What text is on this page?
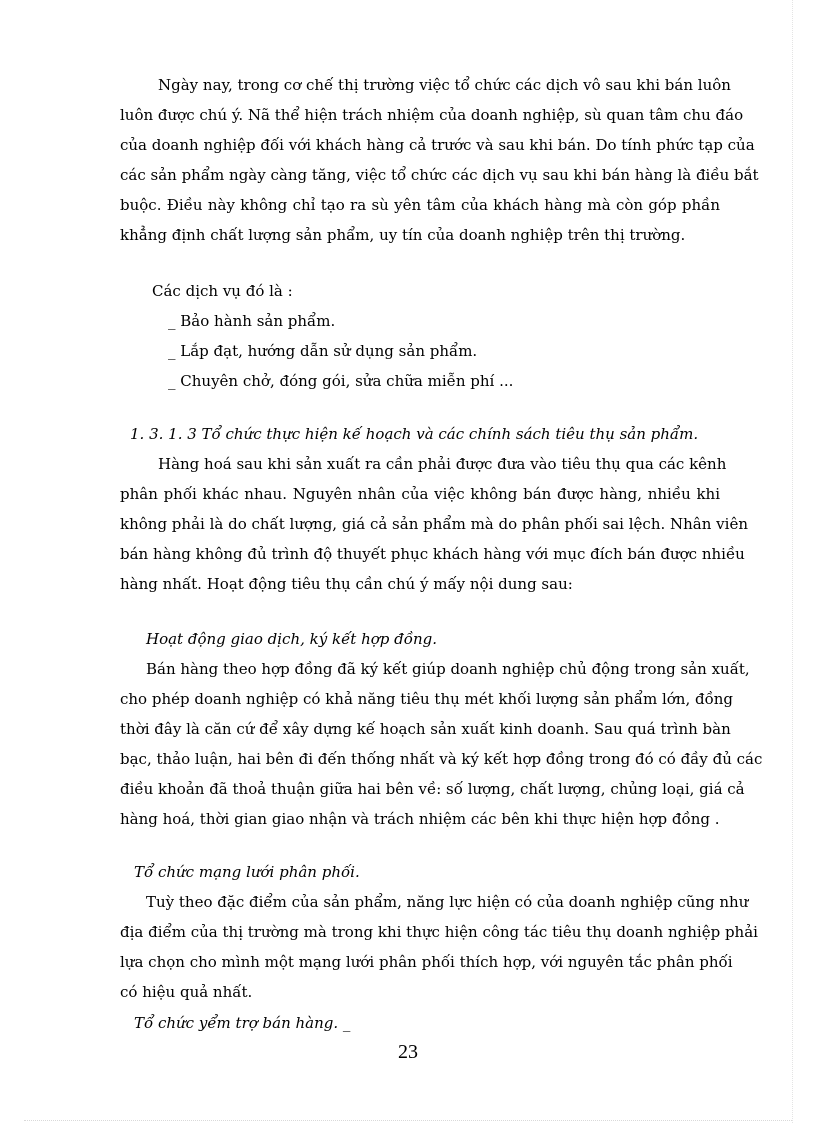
Ngày nay, trong cơ chế thị trường việc tổ chức các dịch vô sau khi bán luôn

luôn được chú ý. Nã thể hiện trách nhiệm của doanh nghiệp, sù quan tâm chu đáo

của doanh nghiệp đối với khách hàng cả trước và sau khi bán. Do tính phức tạp của

các sản phẩm ngày càng tăng, việc tổ chức các dịch vụ sau khi bán hàng là điều bắt

buộc. Điều này không chỉ tạo ra sù yên tâm của khách hàng mà còn góp phần

khẳng định chất lượng sản phẩm, uy tín của doanh nghiệp trên thị trường.

Các dịch vụ đó là :

_ Bảo hành sản phẩm.

_ Lắp đạt, hướng dẫn sử dụng sản phẩm.

_ Chuyên chở, đóng gói, sửa chữa miễn phí ...

1. 3. 1. 3 Tổ chức thực hiện kế hoạch và các chính sách tiêu thụ sản phẩm.

Hàng hoá sau khi sản xuất ra cần phải được đưa vào tiêu thụ qua các kênh

phân phối khác nhau. Nguyên nhân của việc không bán được hàng, nhiều khi

không phải là do chất lượng, giá cả sản phẩm mà do phân phối sai lệch. Nhân viên

bán hàng không đủ trình độ thuyết phục khách hàng với mục đích bán được nhiều

hàng nhất. Hoạt động tiêu thụ cần chú ý mấy nội dung sau:

Hoạt động giao dịch, ký kết hợp đồng.

Bán hàng theo hợp đồng đã ký kết giúp doanh nghiệp chủ động trong sản xuất,

cho phép doanh nghiệp có khả năng tiêu thụ mét khối lượng sản phẩm lớn, đồng

thời đây là căn cứ để xây dựng kế hoạch sản xuất kinh doanh. Sau quá trình bàn

bạc, thảo luận, hai bên đi đến thống nhất và ký kết hợp đồng trong đó có đầy đủ các

điều khoản đã thoả thuận giữa hai bên về: số lượng, chất lượng, chủng loại, giá cả

hàng hoá, thời gian giao nhận và trách nhiệm các bên khi thực hiện hợp đồng .

Tổ chức mạng lưới phân phối.

Tuỳ theo đặc điểm của sản phẩm, năng lực hiện có của doanh nghiệp cũng như

địa điểm của thị trường mà trong khi thực hiện công tác tiêu thụ doanh nghiệp phải

lựa chọn cho mình một mạng lưới phân phối thích hợp, với nguyên tắc phân phối

có hiệu quả nhất.

Tổ chức yểm trợ bán hàng. _

23
